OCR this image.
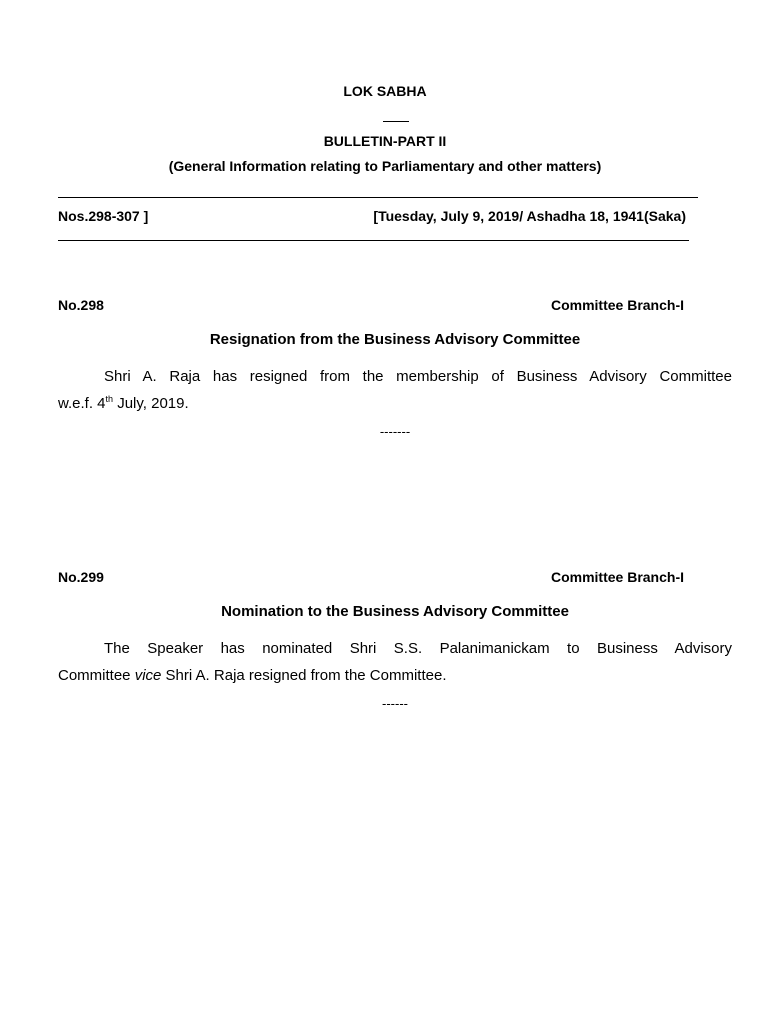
LOK SABHA
BULLETIN-PART II
(General Information relating to Parliamentary and other matters)
Nos.298-307 ]	[Tuesday, July 9, 2019/ Ashadha 18, 1941(Saka)
No.298	Committee Branch-I
Resignation from the Business Advisory Committee
Shri A. Raja has resigned from the membership of Business Advisory Committee
w.e.f. 4th July, 2019.
-------
No.299	Committee Branch-I
Nomination to the Business Advisory Committee
The Speaker has nominated Shri S.S. Palanimanickam to Business Advisory
Committee vice Shri A. Raja resigned from the Committee.
------
